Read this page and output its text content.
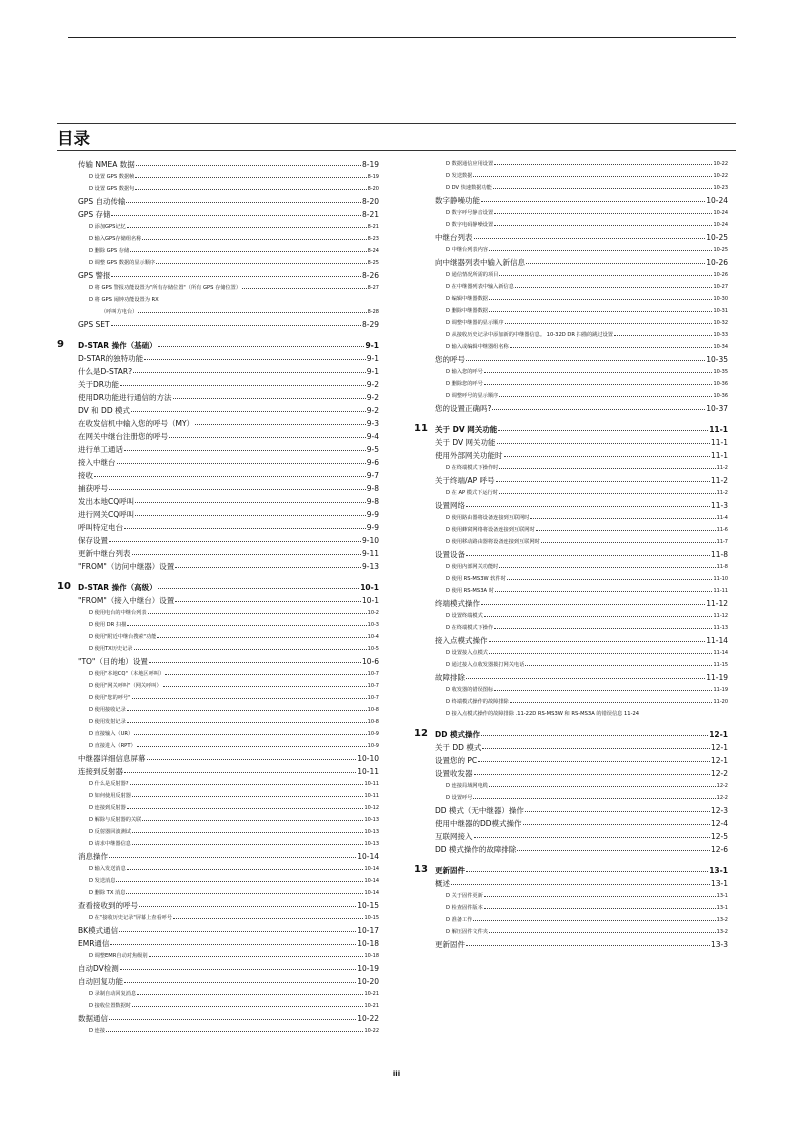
目录
传输 NMEA 数据	8-19
D 设置 GPS 数据帧	8-19
D 设置 GPS 数据句	8-20
GPS 自动传输	8-20
GPS 存储	8-21
D 添加GPS记忆	8-21
D 输入GPS存储组名称	8-23
D 删除 GPS 存储	8-24
D 调整 GPS 数据的显示顺序	8-25
GPS 警报	8-26
D 将 GPS 警报功能设置为"所有存储位置"（所有 GPS 存储位置）	8-27
D 将 GPS 闹钟功能设置为 RX
（呼叫方电台）	8-28
GPS SET	8-29
9 D-STAR 操作（基础）	9-1
D-STAR的独特功能	9-1
什么是D-STAR?	9-1
关于DR功能	9-2
使用DR功能进行通信的方法	9-2
DV 和 DD 模式	9-2
在收发信机中输入您的呼号（MY）	9-3
在网关中继台注册您的呼号	9-4
进行单工通话	9-5
接入中继台	9-6
接收	9-7
捕获呼号	9-8
发出本地CQ呼叫	9-8
进行网关CQ呼叫	9-9
呼叫特定电台	9-9
保存设置	9-10
更新中继台列表	9-11
"FROM"（访问中继器）设置	9-13
10 D-STAR 操作（高级）	10-1
"FROM"（接入中继台）设置	10-1
D 使用电台的中继台列表	10-2
D 使用 DR 扫描	10-3
D 使用"附近中继台搜索"功能	10-4
D 使用TX历史记录	10-5
"TO"（目的地）设置	10-6
D 使用"本地CQ"（本地区呼叫）	10-7
D 使用"网关呼叫"（网关呼叫）	10-7
D 使用"您的呼号"	10-7
D 使用接收记录	10-8
D 使用发射记录	10-8
D 直接输入（UR）	10-9
D 直接进入（RPT）	10-9
中继器详细信息屏幕	10-10
连接到反射器	10-11
D 什么是反射器?	10-11
D 如何使用反射器	10-11
D 连接到反射器	10-12
D 解除与反射器的关联	10-13
D 反射器回波测试	10-13
D 请求中继器信息	10-13
消息操作	10-14
D 输入发送消息	10-14
D 发送消息	10-14
D 删除 TX 消息	10-14
查看接收到的呼号	10-15
D 在"接收历史记录"屏幕上查看呼号	10-15
BK模式通信	10-17
EMR通信	10-18
D 调整EMR自动对焦级别	10-18
自动DV检测	10-19
自动回复功能	10-20
D 录制自动回复消息	10-21
D 接收位置数据时	10-21
数据通信	10-22
D 连接	10-22
D 数据通信应用设置	10-22
D 发送数据	10-22
D DV 快速数据功能	10-23
数字静噪功能	10-24
D 数字呼号静音设置	10-24
D 数字电码静噪设置	10-24
中继台列表	10-25
D 中继台列表内容	10-25
向中继器列表中输入新信息	10-26
D 通信情况所需的项目	10-26
D 在中继器列表中输入新信息	10-27
D 编辑中继器数据	10-30
D 删除中继器数据	10-31
D 调整中继器的显示顺序	10-32
D 从接收历史记录中添加新的中继器信息。 10-32D DR 扫描的跳过设置	10-33
D 输入或编辑中继器组名称	10-34
您的呼号	10-35
D 输入您的呼号	10-35
D 删除您的呼号	10-36
D 调整呼号的显示顺序	10-36
您的设置正确吗?	10-37
11 关于 DV 网关功能	11-1
关于 DV 网关功能	11-1
使用外部网关功能时	11-1
D 在终端模式下操作时	11-2
关于终端/AP 呼号	11-2
D 在 AP 模式下运行时	11-2
设置网络	11-3
D 使用路由器将设备连接到互联网时	11-4
D 使用蜂窝网络将设备连接到互联网时	11-6
D 使用移动路由器将设备连接到互联网时	11-7
设置设备	11-8
D 使用内部网关功能时	11-8
D 使用 RS-MS3W 软件时	11-10
D 使用 RS-MS3A 时	11-11
终端模式操作	11-12
D 设置终端模式	11-12
D 在终端模式下操作	11-13
接入点模式操作	11-14
D 设置接入点模式	11-14
D 通过接入点收发器拨打网关电话	11-15
故障排除	11-19
D 收发器的错误图标	11-19
D 终端模式操作的故障排除	11-20
D 接入点模式操作的故障排除 .11-22D RS-MS3W 和 RS-MS3A 的错误信息 11-24
12 DD 模式操作	12-1
关于 DD 模式	12-1
设置您的 PC	12-1
设置收发器	12-2
D 连接局域网电缆	12-2
D 设置呼号	12-2
DD 模式（无中继器）操作	12-3
使用中继器的DD模式操作	12-4
互联网接入	12-5
DD 模式操作的故障排除	12-6
13 更新固件	13-1
概述	13-1
D 关于固件更新	13-1
D 检查固件版本	13-1
D 准备工作	13-2
D 解压固件文件夹	13-2
更新固件	13-3
iii
